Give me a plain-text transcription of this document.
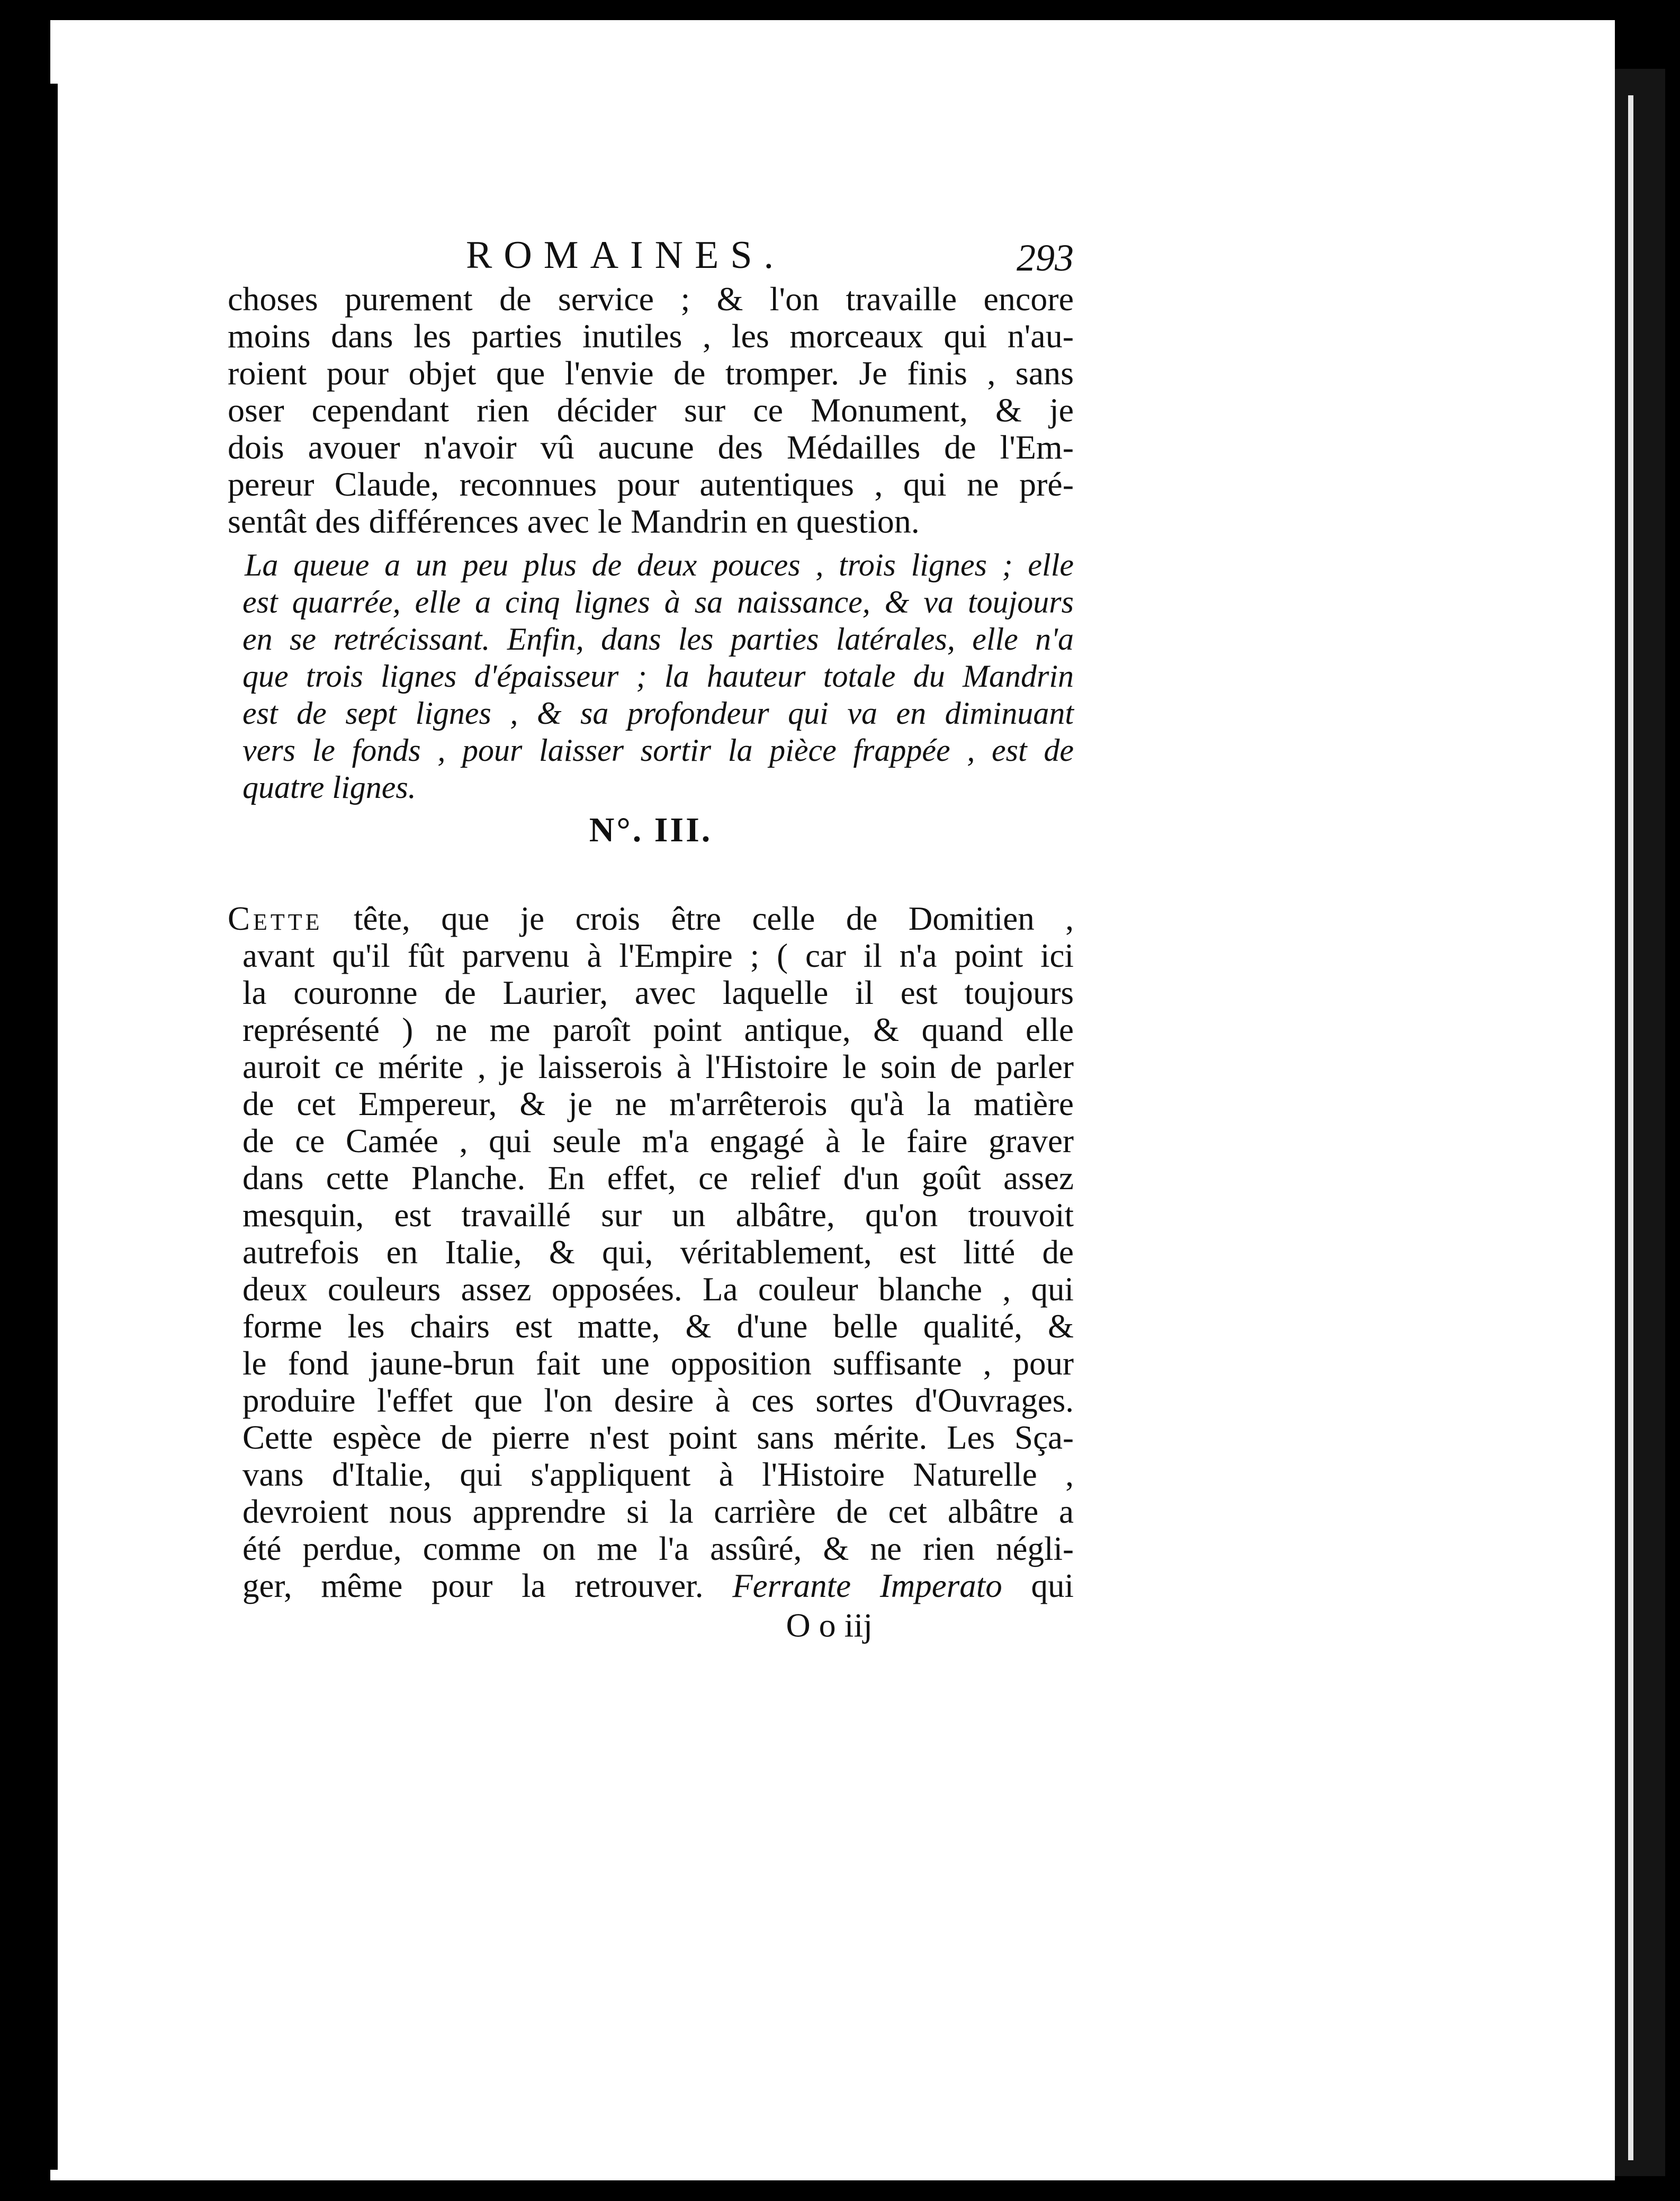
ROMAINES.	293
choses purement de service ; & l'on travaille encore
moins dans les parties inutiles , les morceaux qui n'au-
roient pour objet que l'envie de tromper. Je finis , sans
oser cependant rien décider sur ce Monument, & je
dois avouer n'avoir vû aucune des Médailles de l'Em-
pereur Claude, reconnues pour autentiques , qui ne pré-
sentât des différences avec le Mandrin en question.
La queue a un peu plus de deux pouces , trois lignes ; elle
est quarrée, elle a cinq lignes à sa naissance, & va toujours
en se retrécissant. Enfin, dans les parties latérales, elle n'a
que trois lignes d'épaisseur ; la hauteur totale du Mandrin
est de sept lignes , & sa profondeur qui va en diminuant
vers le fonds , pour laisser sortir la pièce frappée , est de
quatre lignes.
N°. III.
Cette tête, que je crois être celle de Domitien ,
avant qu'il fût parvenu à l'Empire ; ( car il n'a point ici
la couronne de Laurier, avec laquelle il est toujours
représenté ) ne me paroît point antique, & quand elle
auroit ce mérite , je laisserois à l'Histoire le soin de parler
de cet Empereur, & je ne m'arrêterois qu'à la matière
de ce Camée , qui seule m'a engagé à le faire graver
dans cette Planche. En effet, ce relief d'un goût assez
mesquin, est travaillé sur un albâtre, qu'on trouvoit
autrefois en Italie, & qui, véritablement, est litté de
deux couleurs assez opposées. La couleur blanche , qui
forme les chairs est matte, & d'une belle qualité, &
le fond jaune-brun fait une opposition suffisante , pour
produire l'effet que l'on desire à ces sortes d'Ouvrages.
Cette espèce de pierre n'est point sans mérite. Les Sça-
vans d'Italie, qui s'appliquent à l'Histoire Naturelle ,
devroient nous apprendre si la carrière de cet albâtre a
été perdue, comme on me l'a assûré, & ne rien négli-
ger, même pour la retrouver. Ferrante Imperato qui
O o iij
